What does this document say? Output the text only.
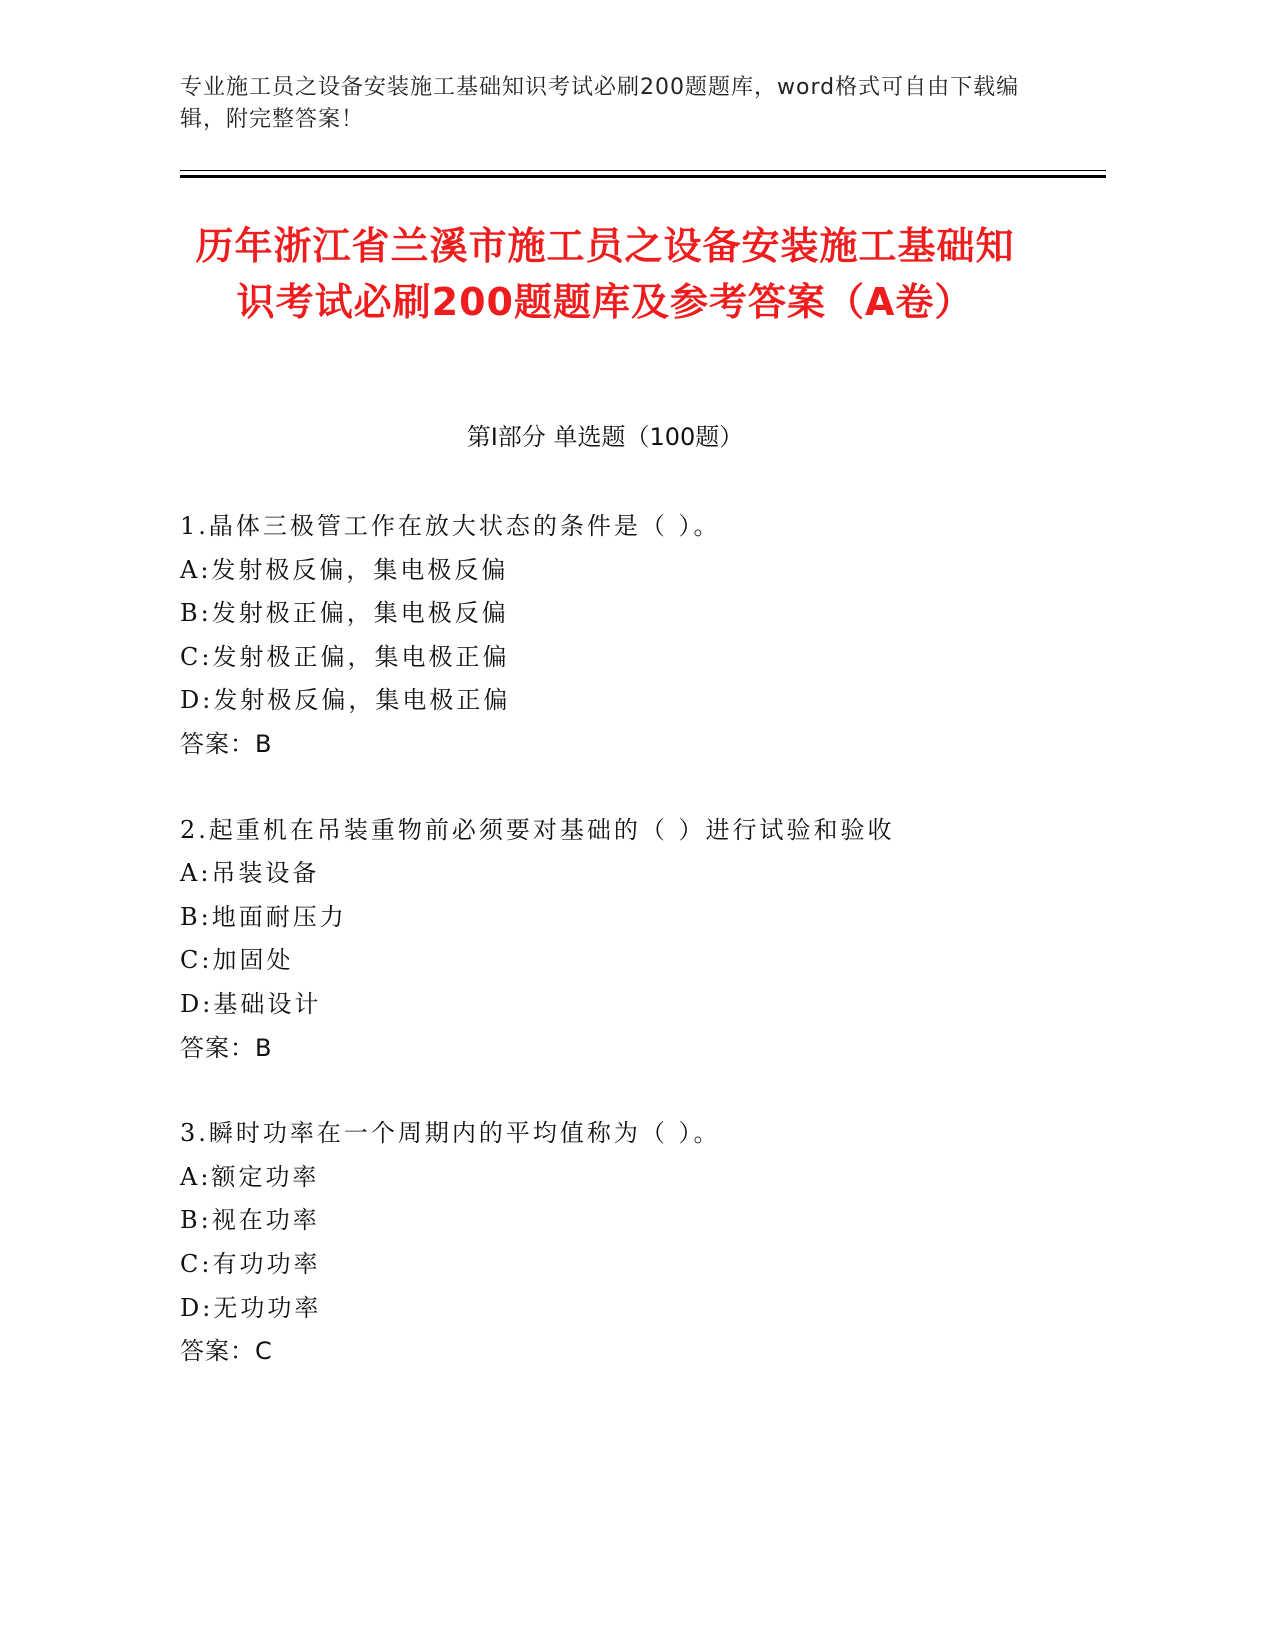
专业施工员之设备安装施工基础知识考试必刷200题题库，word格式可自由下载编辑，附完整答案！
历年浙江省兰溪市施工员之设备安装施工基础知识考试必刷200题题库及参考答案（A卷）
第Ⅰ部分 单选题（100题）
1.晶体三极管工作在放大状态的条件是（ ）。
A:发射极反偏，集电极反偏
B:发射极正偏，集电极反偏
C:发射极正偏，集电极正偏
D:发射极反偏，集电极正偏
答案：B
2.起重机在吊装重物前必须要对基础的（ ）进行试验和验收
A:吊装设备
B:地面耐压力
C:加固处
D:基础设计
答案：B
3.瞬时功率在一个周期内的平均值称为（ ）。
A:额定功率
B:视在功率
C:有功功率
D:无功功率
答案：C
